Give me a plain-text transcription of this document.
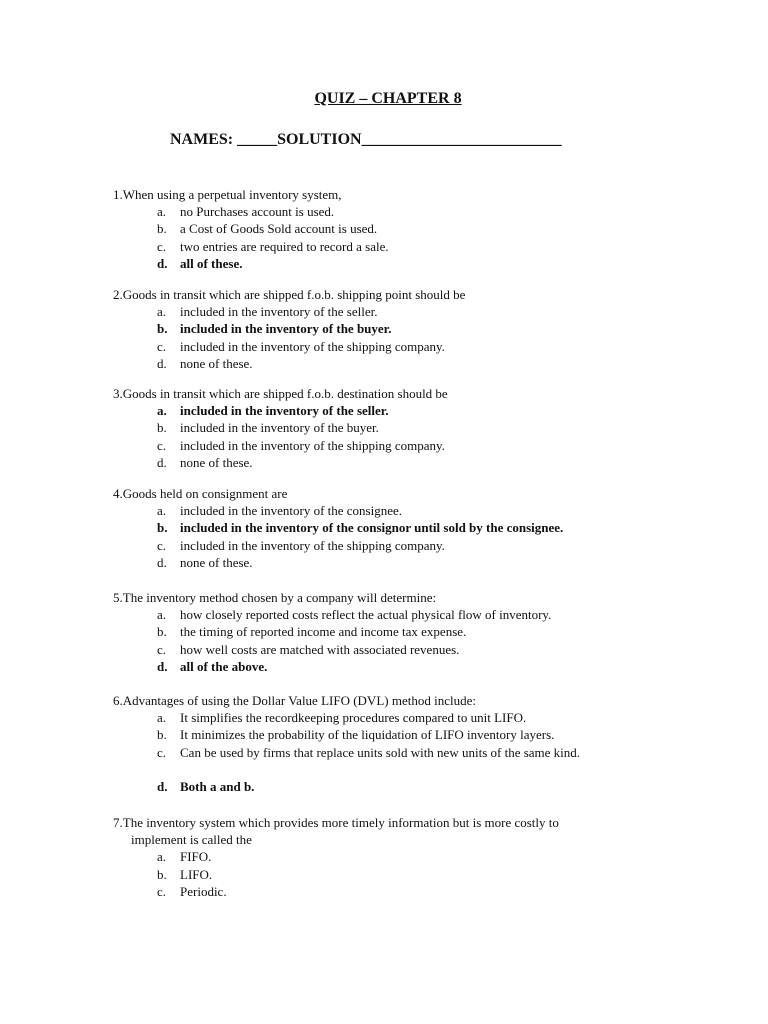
QUIZ – CHAPTER 8
NAMES: _____SOLUTION_________________________
1.When using a perpetual inventory system,
a. no Purchases account is used.
b. a Cost of Goods Sold account is used.
c. two entries are required to record a sale.
d. all of these.
2.Goods in transit which are shipped f.o.b. shipping point should be
a. included in the inventory of the seller.
b. included in the inventory of the buyer.
c. included in the inventory of the shipping company.
d. none of these.
3.Goods in transit which are shipped f.o.b. destination should be
a. included in the inventory of the seller.
b. included in the inventory of the buyer.
c. included in the inventory of the shipping company.
d. none of these.
4.Goods held on consignment are
a. included in the inventory of the consignee.
b. included in the inventory of the consignor until sold by the consignee.
c. included in the inventory of the shipping company.
d. none of these.
5.The inventory method chosen by a company will determine:
a. how closely reported costs reflect the actual physical flow of inventory.
b. the timing of reported income and income tax expense.
c. how well costs are matched with associated revenues.
d. all of the above.
6.Advantages of using the Dollar Value LIFO (DVL) method include:
a. It simplifies the recordkeeping procedures compared to unit LIFO.
b. It minimizes the probability of the liquidation of LIFO inventory layers.
c. Can be used by firms that replace units sold with new units of the same kind.
d. Both a and b.
7.The inventory system which provides more timely information but is more costly to
implement is called the
a. FIFO.
b. LIFO.
c. Periodic.
